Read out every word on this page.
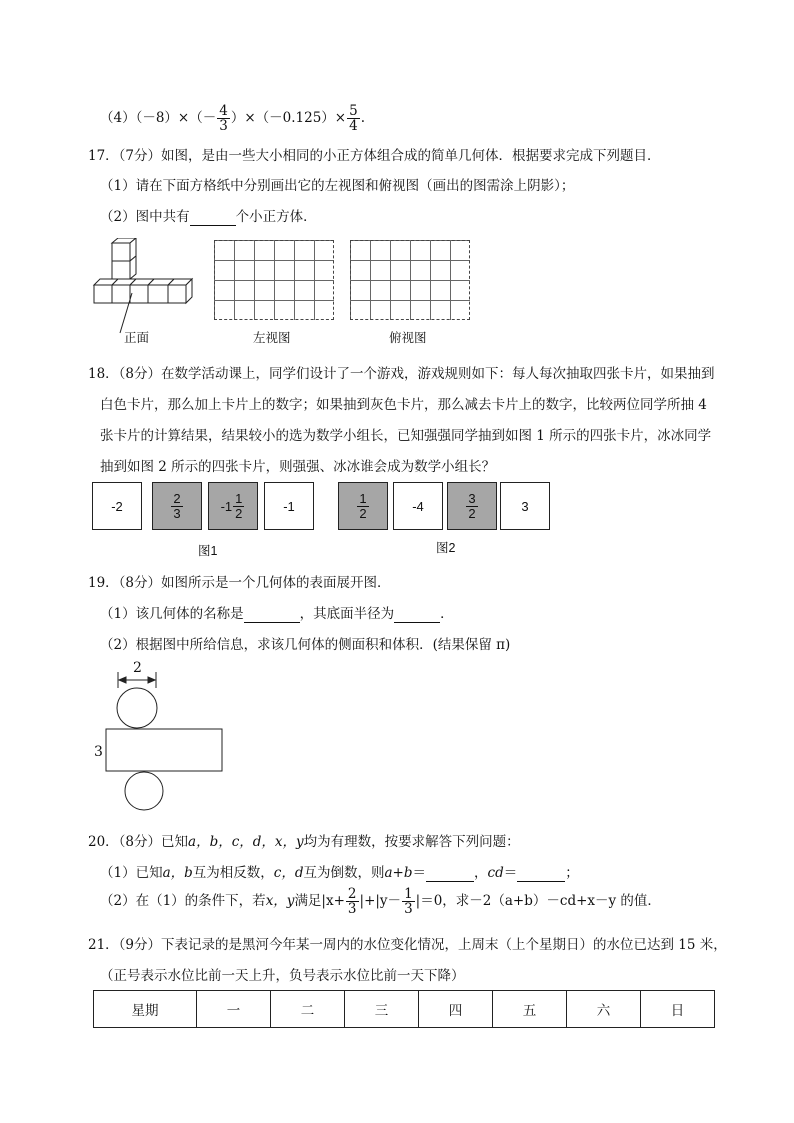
$(4)(-8)\times(- \frac{4}{3} )\times(-0.125)\times \frac{5}{4}$ .
17．（7分）如图，是由一些大小相同的小正方体组合成的简单几何体．根据要求完成下列题目．
（1）请在下面方格纸中分别画出它的左视图和俯视图（画出的图需涂上阴影）；
（2）图中共有	个小正方体．
正面	左视图	俯视图
18．（8分）在数学活动课上，同学们设计了一个游戏，游戏规则如下：每人每次抽取四张卡片，如果抽到
白色卡片，那么加上卡片上的数字；如果抽到灰色卡片，那么减去卡片上的数字，比较两位同学所抽 4
张卡片的计算结果，结果较小的选为数学小组长，已知强强同学抽到如图 1 所示的四张卡片，冰冰同学
抽到如图 2 所示的四张卡片，则强强、冰冰谁会成为数学小组长？
-2	$\frac{2}{3}$	$-1 \frac{1}{2}$	-1
图1
$\frac{1}{2}$	-4	$\frac{3}{2}$	3
图2
19．（8分）如图所示是一个几何体的表面展开图．
（1）该几何体的名称是	，其底面半径为	．
（2）根据图中所给信息，求该几何体的侧面积和体积．(结果保留 π)
2
3
20．（8分）已知a，b，c，d，x，y均为有理数，按要求解答下列问题：
（1）已知a，b互为相反数，c，d互为倒数，则a+b＝	，cd＝	；
（2）在（1）的条件下，若x，y满足$|x+ \frac{2}{3} |+|y- \frac{1}{3} |=0$，求－2（a+b）－cd+x－y 的值．
21．（9分）下表记录的是黑河今年某一周内的水位变化情况，上周末（上个星期日）的水位已达到 15 米，
（正号表示水位比前一天上升，负号表示水位比前一天下降）
星期	一	二	三	四	五	六	日
